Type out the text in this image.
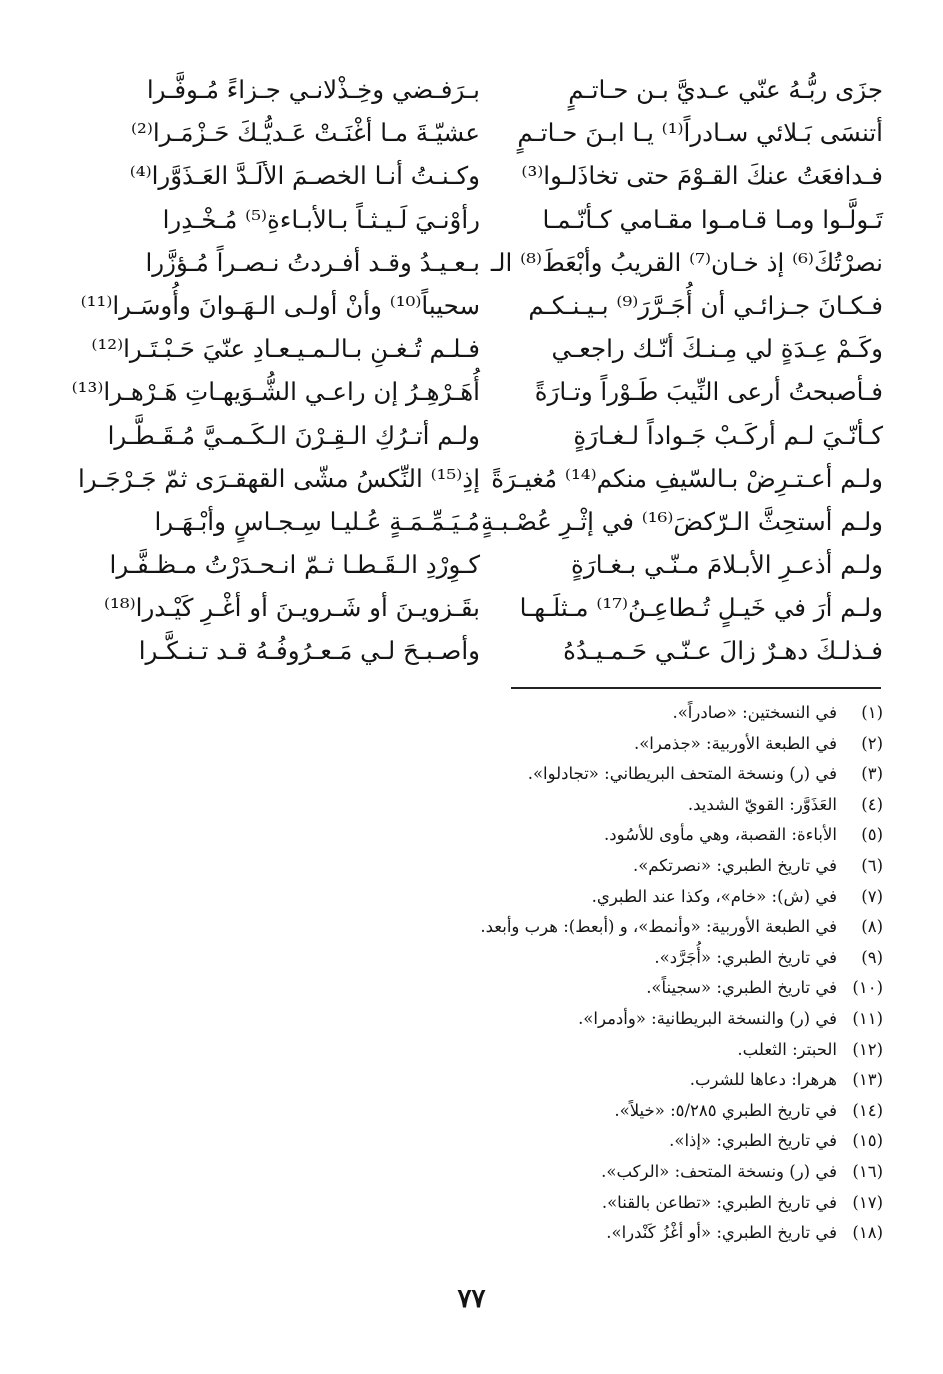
جزَى ربُّـهُ عنّي عـديَّ بـن حـاتـمٍ
أتنسَى بَـلائي سـادراً⁽¹⁾ يـا ابـنَ حـاتـمٍ
فـدافعَتُ عنكَ القـوْمَ حتى تخاذَلـوا⁽³⁾
تَـولَّـوا ومـا قـامـوا مقـامي كـأنّـمـا
نصرْتُكَ⁽⁶⁾ إذ خـان⁽⁷⁾ القريبُ وأبْعَطَ⁽⁸⁾ الـ
فـكـانَ جـزائـي أن أُجَـرَّرَ⁽⁹⁾ بـيـنـكـم
وكَـمْ عِـدَةٍ لي مِـنـكَ أنّـك راجعـي
فـأصبحتُ أرعى النِّيبَ طَـوْراً وتـارَةً
كـأنّـيَ لـم أركَـبْ جَـواداً لـغـارَةٍ
ولـم أعـتـرِضْ بـالسّيفِ منكم⁽¹⁴⁾ مُغيـرَةً
ولـم أستحِثَّ الـرّكضَ⁽¹⁶⁾ في إثْـرِ عُصْـبـةٍ
ولـم أذعـرِ الأبـلامَ مـنّـي بـغـارَةٍ
ولـم أرَ في خَيـلٍ تُـطاعِـنُ⁽¹⁷⁾ مـثلَـهـا
فـذلـكَ دهـرٌ زالَ عـنّـي حَـمـيـدُهُ
بـرَفـضي وخِـذْلانـي جـزاءً مُـوفَّـرا
عشيّـةَ مـا أغْنَـتْ عَـديُّـكَ حَـزْمَـرا⁽²⁾
وكـنـتُ أنـا الخصـمَ الألَـدَّ العَـذَوَّرا⁽⁴⁾
رأوْنـيَ لَـيـثـاً بـالأبـاءةِ⁽⁵⁾ مُـخْـدِرا
بـعـيـدُ وقـد أفـردتُ نـصـراً مُـؤزَّرا
سحيباً⁽¹⁰⁾ وأنْ أولـى الـهَـوانَ وأُوسَـرا⁽¹¹⁾
فـلـم تُـغـنِ بـالـمـيـعـادِ عنّيَ حَـبْـتَـرا⁽¹²⁾
أُهَـرْهِـرُ إن راعـي الشُّـوَيهـاتِ هَـرْهـرا⁽¹³⁾
ولـم أتـرُكِ الـقِـرْنَ الـكَـمـيَّ مُـقَـطَّـرا
إذِ⁽¹⁵⁾ النِّكسُ مشّى القهقـرَى ثمّ جَـرْجَـرا
مُـيَـمِّـمَـةٍ عُـليـا سِـجـاسٍ وأبْـهَـرا
كـوِرْدِ الـقَـطـا ثـمّ انـحـدَرْتُ مـظـفَّـرا
بقَـزويـنَ أو شَـرويـنَ أو أغْـرِ كَيْـدرا⁽¹⁸⁾
وأصـبـحَ لـي مَـعـرُوفُـهُ قـد تـنـكَّـرا
(١)
في النسختين: «صادراً».
(٢)
في الطبعة الأوربية: «جذمرا».
(٣)
في (ر) ونسخة المتحف البريطاني: «تجادلوا».
(٤)
العَذَوَّر: القويّ الشديد.
(٥)
الأباءة: القصبة، وهي مأوى للأسُود.
(٦)
في تاريخ الطبري: «نصرتكم».
(٧)
في (ش): «خام»، وكذا عند الطبري.
(٨)
في الطبعة الأوربية: «وأنمط»، و (أبعط): هرب وأبعد.
(٩)
في تاريخ الطبري: «أُجَرَّد».
(١٠)
في تاريخ الطبري: «سجيناً».
(١١)
في (ر) والنسخة البريطانية: «وأدمرا».
(١٢)
الحبتر: الثعلب.
(١٣)
هرهرا: دعاها للشرب.
(١٤)
في تاريخ الطبري ٥/٢٨٥: «خيلاً».
(١٥)
في تاريخ الطبري: «إذا».
(١٦)
في (ر) ونسخة المتحف: «الركب».
(١٧)
في تاريخ الطبري: «تطاعن بالقنا».
(١٨)
في تاريخ الطبري: «أو أغْزُ كَنْدرا».
٧٧
